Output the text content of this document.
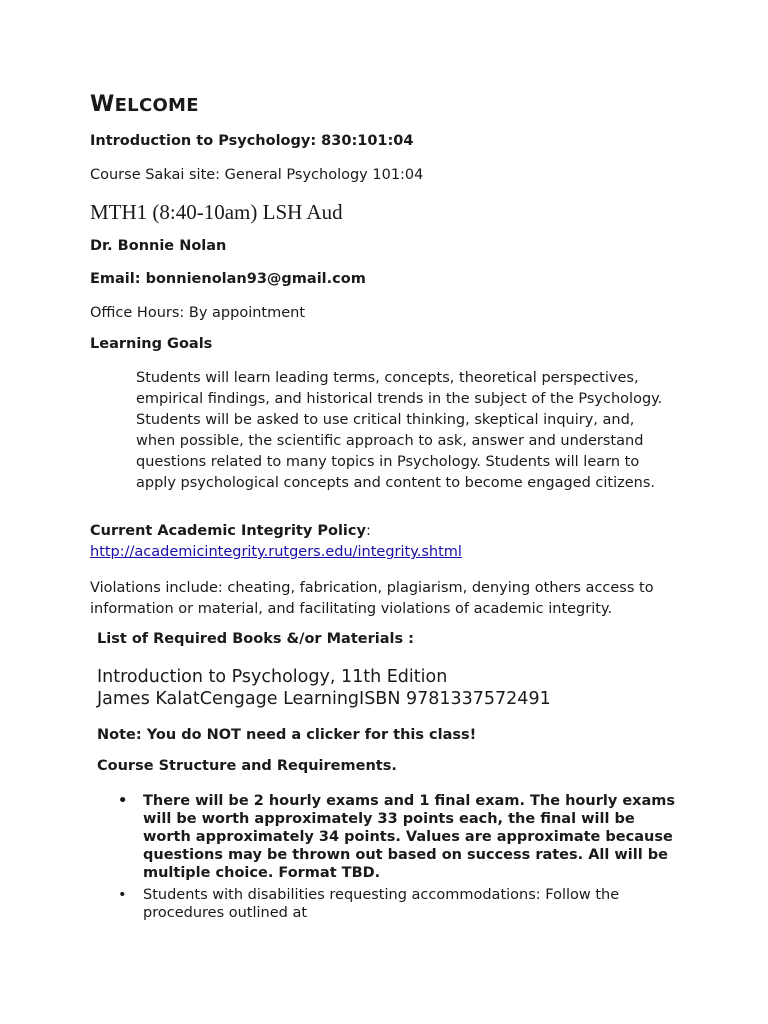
WELCOME
Introduction to Psychology: 830:101:04
Course Sakai site: General Psychology 101:04
MTH1 (8:40-10am) LSH Aud
Dr. Bonnie Nolan
Email: bonnienolan93@gmail.com
Office Hours: By appointment
Learning Goals
Students will learn leading terms, concepts, theoretical perspectives, empirical findings, and historical trends in the subject of the Psychology. Students will be asked to use critical thinking, skeptical inquiry, and, when possible, the scientific approach to ask, answer and understand questions related to many topics in Psychology. Students will learn to apply psychological concepts and content to become engaged citizens.
Current Academic Integrity Policy:
http://academicintegrity.rutgers.edu/integrity.shtml
Violations include: cheating, fabrication, plagiarism, denying others access to information or material, and facilitating violations of academic integrity.
List of Required Books &/or Materials :
Introduction to Psychology, 11th Edition
James KalatCengage LearningISBN 9781337572491
Note: You do NOT need a clicker for this class!
Course Structure and Requirements.
• There will be 2 hourly exams and 1 final exam. The hourly exams will be worth approximately 33 points each, the final will be worth approximately 34 points. Values are approximate because questions may be thrown out based on success rates. All will be multiple choice. Format TBD.
• Students with disabilities requesting accommodations: Follow the procedures outlined at
